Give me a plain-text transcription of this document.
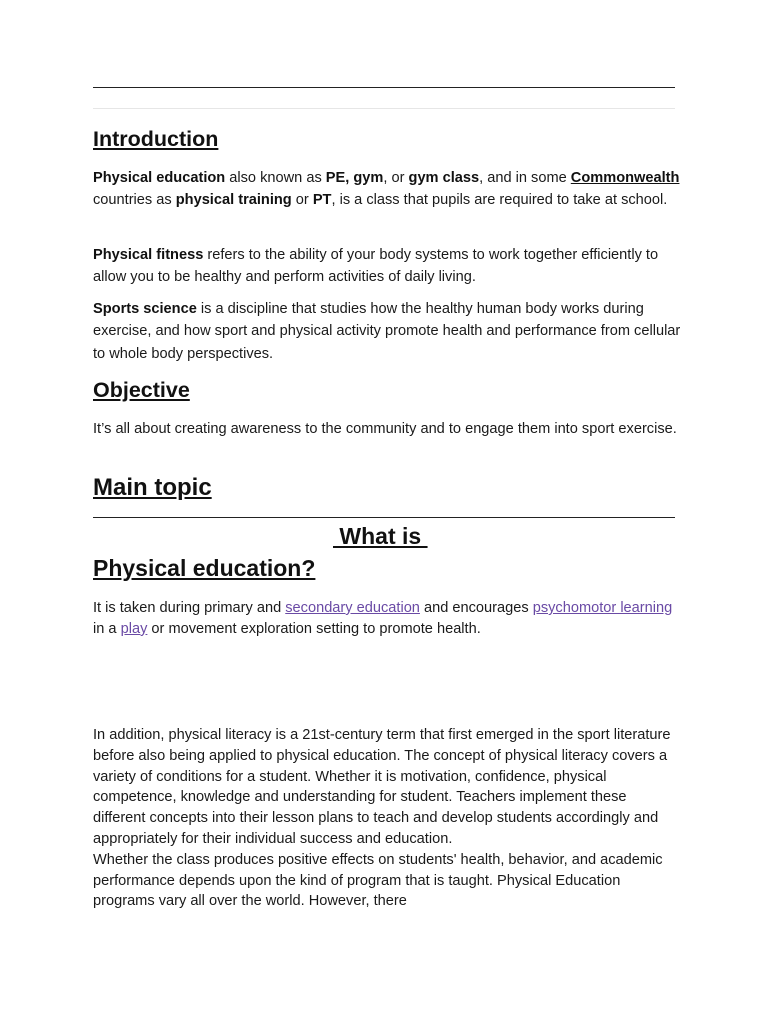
Introduction

Physical education also known as PE, gym, or gym class, and in some Commonwealth countries as physical training or PT, is a class that pupils are required to take at school.

Physical fitness refers to the ability of your body systems to work together efficiently to allow you to be healthy and perform activities of daily living.

Sports science is a discipline that studies how the healthy human body works during exercise, and how sport and physical activity promote health and performance from cellular to whole body perspectives.

Objective

It’s all about creating awareness to the community and to engage them into sport exercise.

Main topic
What is
Physical education?

It is taken during primary and secondary education and encourages psychomotor learning in a play or movement exploration setting to promote health.

In addition, physical literacy is a 21st-century term that first emerged in the sport literature before also being applied to physical education. The concept of physical literacy covers a variety of conditions for a student. Whether it is motivation, confidence, physical competence, knowledge and understanding for student. Teachers implement these different concepts into their lesson plans to teach and develop students accordingly and appropriately for their individual success and education.
Whether the class produces positive effects on students' health, behavior, and academic performance depends upon the kind of program that is taught. Physical Education programs vary all over the world. However, there
